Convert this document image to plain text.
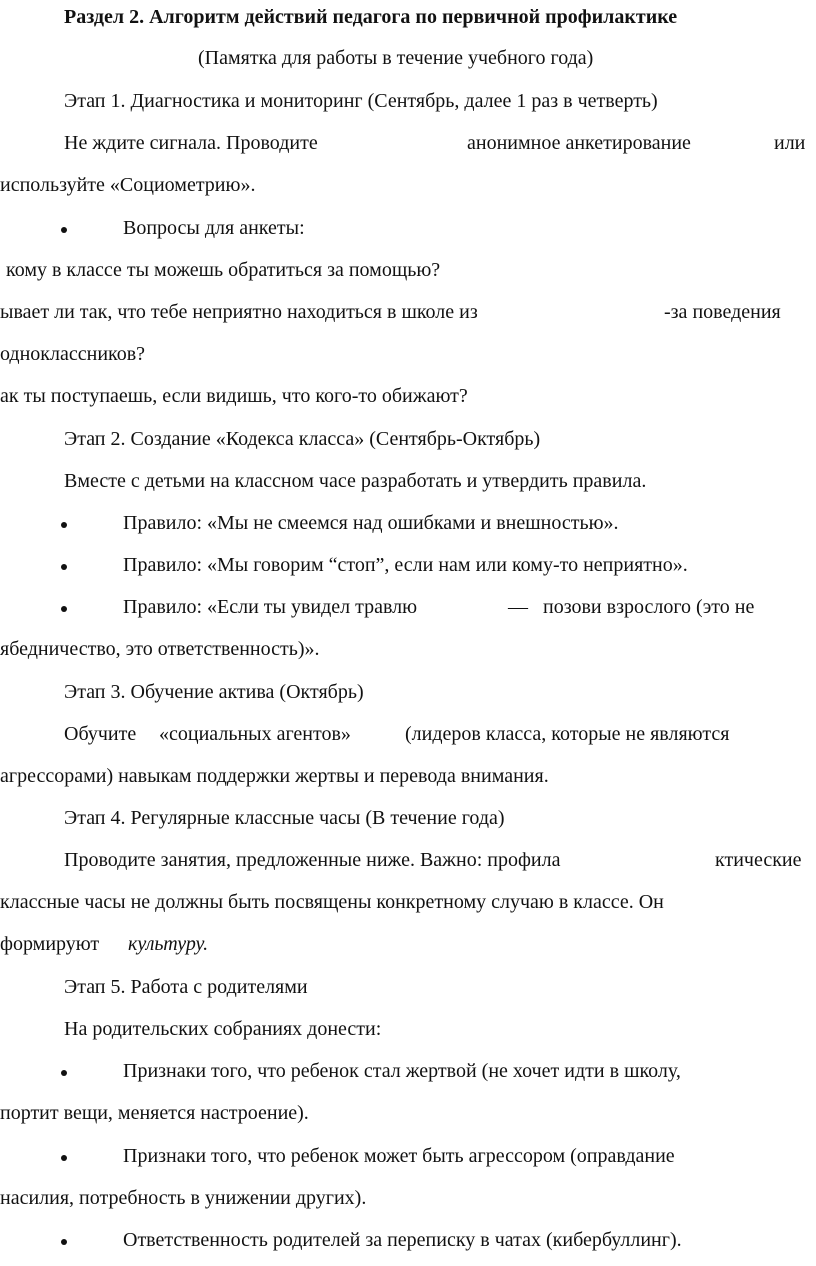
Раздел 2. Алгоритм действий педагога по первичной профилактике
(Памятка для работы в течение учебного года)
Этап 1. Диагностика и мониторинг (Сентябрь, далее 1 раз в четверть)
Не ждите сигнала. Проводите	анонимное анкетирование	или
используйте «Социометрию».
Вопросы для анкеты:
кому в классе ты можешь обратиться за помощью?
ывает ли так, что тебе неприятно находиться в школе из	-за поведения
одноклассников?
ак ты поступаешь, если видишь, что кого-то обижают?
Этап 2. Создание «Кодекса класса» (Сентябрь-Октябрь)
Вместе с детьми на классном часе разработать и утвердить правила.
Правило: «Мы не смеемся над ошибками и внешностью».
Правило: «Мы говорим “стоп”, если нам или кому-то неприятно».
Правило: «Если ты увидел травлю	— позови взрослого (это не
ябедничество, это ответственность)».
Этап 3. Обучение актива (Октябрь)
Обучите «социальных агентов»	(лидеров класса, которые не являются
агрессорами) навыкам поддержки жертвы и перевода внимания.
Этап 4. Регулярные классные часы (В течение года)
Проводите занятия, предложенные ниже. Важно: профила	ктические
классные часы не должны быть посвящены конкретному случаю в классе. Он
формируют культуру.
Этап 5. Работа с родителями
На родительских собраниях донести:
Признаки того, что ребенок стал жертвой (не хочет идти в школу,
портит вещи, меняется настроение).
Признаки того, что ребенок может быть агрессором (оправдание
насилия, потребность в унижении других).
Ответственность родителей за переписку в чатах (кибербуллинг).
